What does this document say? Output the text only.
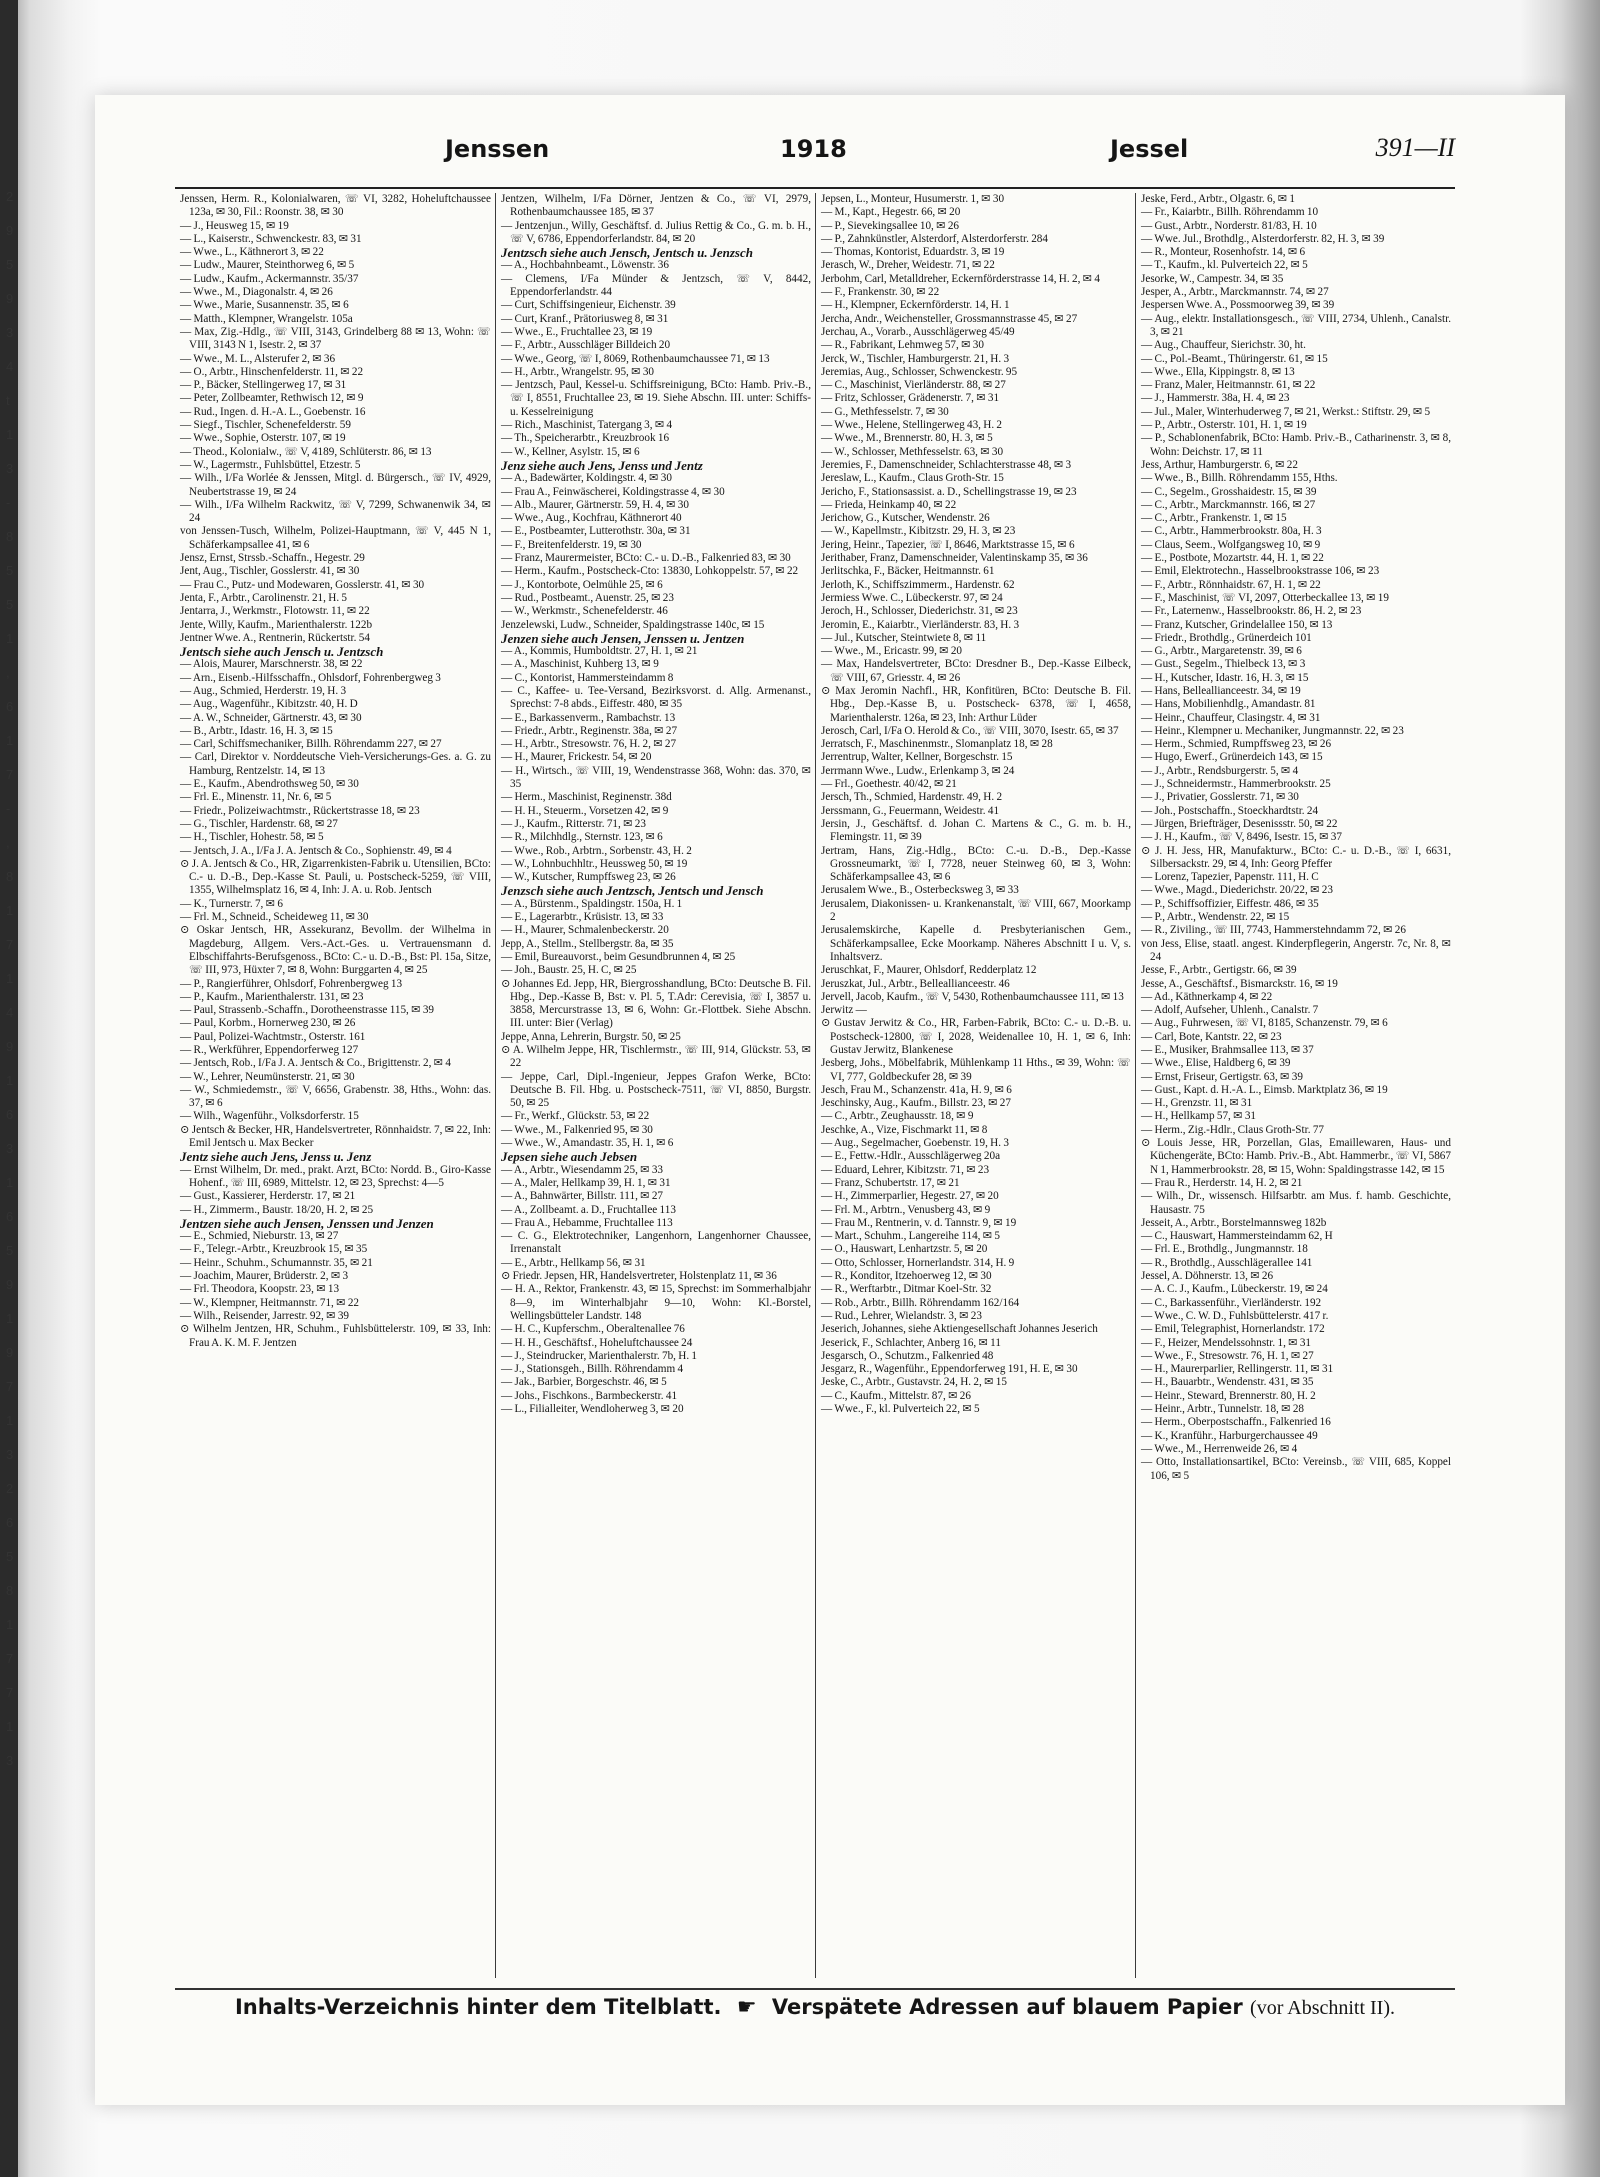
2
9
5
9
3
4
t
1
3
-
8
5
5
1
,
6
1
7
-
,
8
1
7
1
4
9
1
6
3
1
6
5
9
1
9
7
1
3
2
6
5
8
1
7
7
1
3
Jenssen	1918	Jessel	391—II

Jenssen, Herm. R., Kolonialwaren, ☏ VI, 3282, Hoheluftchaussee 123a, ✉ 30, Fil.: Roonstr. 38, ✉ 30

— J., Heusweg 15, ✉ 19

— L., Kaiserstr., Schwenckestr. 83, ✉ 31

— Wwe., L., Käthnerort 3, ✉ 22

— Ludw., Maurer, Steinthorweg 6, ✉ 5

— Ludw., Kaufm., Ackermannstr. 35/37

— Wwe., M., Diagonalstr. 4, ✉ 26

— Wwe., Marie, Susannenstr. 35, ✉ 6

— Matth., Klempner, Wrangelstr. 105a

— Max, Zig.-Hdlg., ☏ VIII, 3143, Grindelberg 88 ✉ 13, Wohn: ☏ VIII, 3143 N 1, Isestr. 2, ✉ 37

— Wwe., M. L., Alsterufer 2, ✉ 36

— O., Arbtr., Hinschenfelderstr. 11, ✉ 22

— P., Bäcker, Stellingerweg 17, ✉ 31

— Peter, Zollbeamter, Rethwisch 12, ✉ 9

— Rud., Ingen. d. H.-A. L., Goebenstr. 16

— Siegf., Tischler, Schenefelderstr. 59

— Wwe., Sophie, Osterstr. 107, ✉ 19

— Theod., Kolonialw., ☏ V, 4189, Schlüterstr. 86, ✉ 13

— W., Lagermstr., Fuhlsbüttel, Etzestr. 5

— Wilh., I/Fa Worlée & Jenssen, Mitgl. d. Bürgersch., ☏ IV, 4929, Neubertstrasse 19, ✉ 24

— Wilh., I/Fa Wilhelm Rackwitz, ☏ V, 7299, Schwanenwik 34, ✉ 24

von Jenssen-Tusch, Wilhelm, Polizei-Hauptmann, ☏ V, 445 N 1, Schäferkampsallee 41, ✉ 6

Jensz, Ernst, Strssb.-Schaffn., Hegestr. 29

Jent, Aug., Tischler, Gosslerstr. 41, ✉ 30

— Frau C., Putz- und Modewaren, Gosslerstr. 41, ✉ 30

Jenta, F., Arbtr., Carolinenstr. 21, H. 5

Jentarra, J., Werkmstr., Flotowstr. 11, ✉ 22

Jente, Willy, Kaufm., Marienthalerstr. 122b

Jentner Wwe. A., Rentnerin, Rückertstr. 54

Jentsch siehe auch Jensch u. Jentzsch

— Alois, Maurer, Marschnerstr. 38, ✉ 22

— Arn., Eisenb.-Hilfsschaffn., Ohlsdorf, Fohrenbergweg 3

— Aug., Schmied, Herderstr. 19, H. 3

— Aug., Wagenführ., Kibitzstr. 40, H. D

— A. W., Schneider, Gärtnerstr. 43, ✉ 30

— B., Arbtr., Idastr. 16, H. 3, ✉ 15

— Carl, Schiffsmechaniker, Billh. Röhrendamm 227, ✉ 27

— Carl, Direktor v. Norddeutsche Vieh-Versicherungs-Ges. a. G. zu Hamburg, Rentzelstr. 14, ✉ 13

— E., Kaufm., Abendrothsweg 50, ✉ 30

— Frl. E., Minenstr. 11, Nr. 6, ✉ 5

— Friedr., Polizeiwachtmstr., Rückertstrasse 18, ✉ 23

— G., Tischler, Hardenstr. 68, ✉ 27

— H., Tischler, Hohestr. 58, ✉ 5

— Jentsch, J. A., I/Fa J. A. Jentsch & Co., Sophienstr. 49, ✉ 4

⊙ J. A. Jentsch & Co., HR, Zigarrenkisten-Fabrik u. Utensilien, BCto: C.- u. D.-B., Dep.-Kasse St. Pauli, u. Postscheck-5259, ☏ VIII, 1355, Wilhelmsplatz 16, ✉ 4, Inh: J. A. u. Rob. Jentsch

— K., Turnerstr. 7, ✉ 6

— Frl. M., Schneid., Scheideweg 11, ✉ 30

⊙ Oskar Jentsch, HR, Assekuranz, Bevollm. der Wilhelma in Magdeburg, Allgem. Vers.-Act.-Ges. u. Vertrauensmann d. Elbschiffahrts-Berufsgenoss., BCto: C.- u. D.-B., Bst: Pl. 15a, Sitze, ☏ III, 973, Hüxter 7, ✉ 8, Wohn: Burggarten 4, ✉ 25

— P., Rangierführer, Ohlsdorf, Fohrenbergweg 13

— P., Kaufm., Marienthalerstr. 131, ✉ 23

— Paul, Strassenb.-Schaffn., Dorotheenstrasse 115, ✉ 39

— Paul, Korbm., Hornerweg 230, ✉ 26

— Paul, Polizei-Wachtmstr., Osterstr. 161

— R., Werkführer, Eppendorferweg 127

— Jentsch, Rob., I/Fa J. A. Jentsch & Co., Brigittenstr. 2, ✉ 4

— W., Lehrer, Neumünsterstr. 21, ✉ 30

— W., Schmiedemstr., ☏ V, 6656, Grabenstr. 38, Hths., Wohn: das. 37, ✉ 6

— Wilh., Wagenführ., Volksdorferstr. 15

⊙ Jentsch & Becker, HR, Handelsvertreter, Rönnhaidstr. 7, ✉ 22, Inh: Emil Jentsch u. Max Becker

Jentz siehe auch Jens, Jenss u. Jenz

— Ernst Wilhelm, Dr. med., prakt. Arzt, BCto: Nordd. B., Giro-Kasse Hohenf., ☏ III, 6989, Mittelstr. 12, ✉ 23, Sprechst: 4—5

— Gust., Kassierer, Herderstr. 17, ✉ 21

— H., Zimmerm., Baustr. 18/20, H. 2, ✉ 25

Jentzen siehe auch Jensen, Jenssen und Jenzen

— E., Schmied, Nieburstr. 13, ✉ 27

— F., Telegr.-Arbtr., Kreuzbrook 15, ✉ 35

— Heinr., Schuhm., Schumannstr. 35, ✉ 21

— Joachim, Maurer, Brüderstr. 2, ✉ 3

— Frl. Theodora, Koopstr. 23, ✉ 13

— W., Klempner, Heitmannstr. 71, ✉ 22

— Wilh., Reisender, Jarrestr. 92, ✉ 39

⊙ Wilhelm Jentzen, HR, Schuhm., Fuhlsbüttelerstr. 109, ✉ 33, Inh: Frau A. K. M. F. Jentzen

Jentzen, Wilhelm, I/Fa Dörner, Jentzen & Co., ☏ VI, 2979, Rothenbaumchaussee 185, ✉ 37

— Jentzenjun., Willy, Geschäftsf. d. Julius Rettig & Co., G. m. b. H., ☏ V, 6786, Eppendorferlandstr. 84, ✉ 20

Jentzsch siehe auch Jensch, Jentsch u. Jenzsch

— A., Hochbahnbeamt., Löwenstr. 36

— Clemens, I/Fa Münder & Jentzsch, ☏ V, 8442, Eppendorferlandstr. 44

— Curt, Schiffsingenieur, Eichenstr. 39

— Curt, Kranf., Prätoriusweg 8, ✉ 31

— Wwe., E., Fruchtallee 23, ✉ 19

— F., Arbtr., Ausschläger Billdeich 20

— Wwe., Georg, ☏ I, 8069, Rothenbaumchaussee 71, ✉ 13

— H., Arbtr., Wrangelstr. 95, ✉ 30

— Jentzsch, Paul, Kessel-u. Schiffsreinigung, BCto: Hamb. Priv.-B., ☏ I, 8551, Fruchtallee 23, ✉ 19. Siehe Abschn. III. unter: Schiffs- u. Kesselreinigung

— Rich., Maschinist, Tatergang 3, ✉ 4

— Th., Speicherarbtr., Kreuzbrook 16

— W., Kellner, Asylstr. 15, ✉ 6

Jenz siehe auch Jens, Jenss und Jentz

— A., Badewärter, Koldingstr. 4, ✉ 30

— Frau A., Feinwäscherei, Koldingstrasse 4, ✉ 30

— Alb., Maurer, Gärtnerstr. 59, H. 4, ✉ 30

— Wwe., Aug., Kochfrau, Käthnerort 40

— E., Postbeamter, Lutterothstr. 30a, ✉ 31

— F., Breitenfelderstr. 19, ✉ 30

— Franz, Maurermeister, BCto: C.- u. D.-B., Falkenried 83, ✉ 30

— Herm., Kaufm., Postscheck-Cto: 13830, Lohkoppelstr. 57, ✉ 22

— J., Kontorbote, Oelmühle 25, ✉ 6

— Rud., Postbeamt., Auenstr. 25, ✉ 23

— W., Werkmstr., Schenefelderstr. 46

Jenzelewski, Ludw., Schneider, Spaldingstrasse 140c, ✉ 15

Jenzen siehe auch Jensen, Jenssen u. Jentzen

— A., Kommis, Humboldtstr. 27, H. 1, ✉ 21

— A., Maschinist, Kuhberg 13, ✉ 9

— C., Kontorist, Hammersteindamm 8

— C., Kaffee- u. Tee-Versand, Bezirksvorst. d. Allg. Armenanst., Sprechst: 7-8 abds., Eiffestr. 480, ✉ 35

— E., Barkassenverm., Rambachstr. 13

— Friedr., Arbtr., Reginenstr. 38a, ✉ 27

— H., Arbtr., Stresowstr. 76, H. 2, ✉ 27

— H., Maurer, Frickestr. 54, ✉ 20

— H., Wirtsch., ☏ VIII, 19, Wendenstrasse 368, Wohn: das. 370, ✉ 35

— Herm., Maschinist, Reginenstr. 38d

— H. H., Steuerm., Vorsetzen 42, ✉ 9

— J., Kaufm., Ritterstr. 71, ✉ 23

— R., Milchhdlg., Sternstr. 123, ✉ 6

— Wwe., Rob., Arbtrn., Sorbenstr. 43, H. 2

— W., Lohnbuchhltr., Heussweg 50, ✉ 19

— W., Kutscher, Rumpffsweg 23, ✉ 26

Jenzsch siehe auch Jentzsch, Jentsch und Jensch

— A., Bürstenm., Spaldingstr. 150a, H. 1

— E., Lagerarbtr., Krüsistr. 13, ✉ 33

— H., Maurer, Schmalenbeckerstr. 20

Jepp, A., Stellm., Stellbergstr. 8a, ✉ 35

— Emil, Bureauvorst., beim Gesundbrunnen 4, ✉ 25

— Joh., Baustr. 25, H. C, ✉ 25

⊙ Johannes Ed. Jepp, HR, Biergrosshandlung, BCto: Deutsche B. Fil. Hbg., Dep.-Kasse B, Bst: v. Pl. 5, T.Adr: Cerevisia, ☏ I, 3857 u. 3858, Mercurstrasse 13, ✉ 6, Wohn: Gr.-Flottbek. Siehe Abschn. III. unter: Bier (Verlag)

Jeppe, Anna, Lehrerin, Burgstr. 50, ✉ 25

⊙ A. Wilhelm Jeppe, HR, Tischlermstr., ☏ III, 914, Glückstr. 53, ✉ 22

— Jeppe, Carl, Dipl.-Ingenieur, Jeppes Grafon Werke, BCto: Deutsche B. Fil. Hbg. u. Postscheck-7511, ☏ VI, 8850, Burgstr. 50, ✉ 25

— Fr., Werkf., Glückstr. 53, ✉ 22

— Wwe., M., Falkenried 95, ✉ 30

— Wwe., W., Amandastr. 35, H. 1, ✉ 6

Jepsen siehe auch Jebsen

— A., Arbtr., Wiesendamm 25, ✉ 33

— A., Maler, Hellkamp 39, H. 1, ✉ 31

— A., Bahnwärter, Billstr. 111, ✉ 27

— A., Zollbeamt. a. D., Fruchtallee 113

— Frau A., Hebamme, Fruchtallee 113

— C. G., Elektrotechniker, Langenhorn, Langenhorner Chaussee, Irrenanstalt

— E., Arbtr., Hellkamp 56, ✉ 31

⊙ Friedr. Jepsen, HR, Handelsvertreter, Holstenplatz 11, ✉ 36

— H. A., Rektor, Frankenstr. 43, ✉ 15, Sprechst: im Sommerhalbjahr 8—9, im Winterhalbjahr 9—10, Wohn: Kl.-Borstel, Wellingsbütteler Landstr. 148

— H. C., Kupferschm., Oberaltenallee 76

— H. H., Geschäftsf., Hoheluftchaussee 24

— J., Steindrucker, Marienthalerstr. 7b, H. 1

— J., Stationsgeh., Billh. Röhrendamm 4

— Jak., Barbier, Borgeschstr. 46, ✉ 5

— Johs., Fischkons., Barmbeckerstr. 41

— L., Filialleiter, Wendloherweg 3, ✉ 20

Jepsen, L., Monteur, Husumerstr. 1, ✉ 30

— M., Kapt., Hegestr. 66, ✉ 20

— P., Sievekingsallee 10, ✉ 26

— P., Zahnkünstler, Alsterdorf, Alsterdorferstr. 284

— Thomas, Kontorist, Eduardstr. 3, ✉ 19

Jerasch, W., Dreher, Weidestr. 71, ✉ 22

Jerbohm, Carl, Metalldreher, Eckernförderstrasse 14, H. 2, ✉ 4

— F., Frankenstr. 30, ✉ 22

— H., Klempner, Eckernförderstr. 14, H. 1

Jercha, Andr., Weichensteller, Grossmannstrasse 45, ✉ 27

Jerchau, A., Vorarb., Ausschlägerweg 45/49

— R., Fabrikant, Lehmweg 57, ✉ 30

Jerck, W., Tischler, Hamburgerstr. 21, H. 3

Jeremias, Aug., Schlosser, Schwenckestr. 95

— C., Maschinist, Vierländerstr. 88, ✉ 27

— Fritz, Schlosser, Grädenerstr. 7, ✉ 31

— G., Methfesselstr. 7, ✉ 30

— Wwe., Helene, Stellingerweg 43, H. 2

— Wwe., M., Brennerstr. 80, H. 3, ✉ 5

— W., Schlosser, Methfesselstr. 63, ✉ 30

Jeremies, F., Damenschneider, Schlachterstrasse 48, ✉ 3

Jereslaw, L., Kaufm., Claus Groth-Str. 15

Jericho, F., Stationsassist. a. D., Schellingstrasse 19, ✉ 23

— Frieda, Heinkamp 40, ✉ 22

Jerichow, G., Kutscher, Wendenstr. 26

— W., Kapellmstr., Kibitzstr. 29, H. 3, ✉ 23

Jering, Heinr., Tapezier, ☏ I, 8646, Marktstrasse 15, ✉ 6

Jerithaber, Franz, Damenschneider, Valentinskamp 35, ✉ 36

Jerlitschka, F., Bäcker, Heitmannstr. 61

Jerloth, K., Schiffszimmerm., Hardenstr. 62

Jermiess Wwe. C., Lübeckerstr. 97, ✉ 24

Jeroch, H., Schlosser, Diederichstr. 31, ✉ 23

Jeromin, E., Kaiarbtr., Vierländerstr. 83, H. 3

— Jul., Kutscher, Steintwiete 8, ✉ 11

— Wwe., M., Ericastr. 99, ✉ 20

— Max, Handelsvertreter, BCto: Dresdner B., Dep.-Kasse Eilbeck, ☏ VIII, 67, Griesstr. 4, ✉ 26

⊙ Max Jeromin Nachfl., HR, Konfitüren, BCto: Deutsche B. Fil. Hbg., Dep.-Kasse B, u. Postscheck- 6378, ☏ I, 4658, Marienthalerstr. 126a, ✉ 23, Inh: Arthur Lüder

Jerosch, Carl, I/Fa O. Herold & Co., ☏ VIII, 3070, Isestr. 65, ✉ 37

Jerratsch, F., Maschinenmstr., Slomanplatz 18, ✉ 28

Jerrentrup, Walter, Kellner, Borgeschstr. 15

Jerrmann Wwe., Ludw., Erlenkamp 3, ✉ 24

— Frl., Goethestr. 40/42, ✉ 21

Jersch, Th., Schmied, Hardenstr. 49, H. 2

Jerssmann, G., Feuermann, Weidestr. 41

Jersin, J., Geschäftsf. d. Johan C. Martens & C., G. m. b. H., Flemingstr. 11, ✉ 39

Jertram, Hans, Zig.-Hdlg., BCto: C.-u. D.-B., Dep.-Kasse Grossneumarkt, ☏ I, 7728, neuer Steinweg 60, ✉ 3, Wohn: Schäferkampsallee 43, ✉ 6

Jerusalem Wwe., B., Osterbecksweg 3, ✉ 33

Jerusalem, Diakonissen- u. Krankenanstalt, ☏ VIII, 667, Moorkamp 2

Jerusalemskirche, Kapelle d. Presbyterianischen Gem., Schäferkampsallee, Ecke Moorkamp. Näheres Abschnitt I u. V, s. Inhaltsverz.

Jeruschkat, F., Maurer, Ohlsdorf, Redderplatz 12

Jeruszkat, Jul., Arbtr., Belleallianceestr. 46

Jervell, Jacob, Kaufm., ☏ V, 5430, Rothenbaumchaussee 111, ✉ 13

Jerwitz —

⊙ Gustav Jerwitz & Co., HR, Farben-Fabrik, BCto: C.- u. D.-B. u. Postscheck-12800, ☏ I, 2028, Weidenallee 10, H. 1, ✉ 6, Inh: Gustav Jerwitz, Blankenese

Jesberg, Johs., Möbelfabrik, Mühlenkamp 11 Hths., ✉ 39, Wohn: ☏ VI, 777, Goldbeckufer 28, ✉ 39

Jesch, Frau M., Schanzenstr. 41a, H. 9, ✉ 6

Jeschinsky, Aug., Kaufm., Billstr. 23, ✉ 27

— C., Arbtr., Zeughausstr. 18, ✉ 9

Jeschke, A., Vize, Fischmarkt 11, ✉ 8

— Aug., Segelmacher, Goebenstr. 19, H. 3

— E., Fettw.-Hdlr., Ausschlägerweg 20a

— Eduard, Lehrer, Kibitzstr. 71, ✉ 23

— Franz, Schubertstr. 17, ✉ 21

— H., Zimmerparlier, Hegestr. 27, ✉ 20

— Frl. M., Arbtrn., Venusberg 43, ✉ 9

— Frau M., Rentnerin, v. d. Tannstr. 9, ✉ 19

— Mart., Schuhm., Langereihe 114, ✉ 5

— O., Hauswart, Lenhartzstr. 5, ✉ 20

— Otto, Schlosser, Hornerlandstr. 314, H. 9

— R., Konditor, Itzehoerweg 12, ✉ 30

— R., Werftarbtr., Ditmar Koel-Str. 32

— Rob., Arbtr., Billh. Röhrendamm 162/164

— Rud., Lehrer, Wielandstr. 3, ✉ 23

Jeserich, Johannes, siehe Aktiengesellschaft Johannes Jeserich

Jeserick, F., Schlachter, Anberg 16, ✉ 11

Jesgarsch, O., Schutzm., Falkenried 48

Jesgarz, R., Wagenführ., Eppendorferweg 191, H. E, ✉ 30

Jeske, C., Arbtr., Gustavstr. 24, H. 2, ✉ 15

— C., Kaufm., Mittelstr. 87, ✉ 26

— Wwe., F., kl. Pulverteich 22, ✉ 5

Jeske, Ferd., Arbtr., Olgastr. 6, ✉ 1

— Fr., Kaiarbtr., Billh. Röhrendamm 10

— Gust., Arbtr., Norderstr. 81/83, H. 10

— Wwe. Jul., Brothdlg., Alsterdorferstr. 82, H. 3, ✉ 39

— R., Monteur, Rosenhofstr. 14, ✉ 6

— T., Kaufm., kl. Pulverteich 22, ✉ 5

Jesorke, W., Campestr. 34, ✉ 35

Jesper, A., Arbtr., Marckmannstr. 74, ✉ 27

Jespersen Wwe. A., Possmoorweg 39, ✉ 39

— Aug., elektr. Installationsgesch., ☏ VIII, 2734, Uhlenh., Canalstr. 3, ✉ 21

— Aug., Chauffeur, Sierichstr. 30, ht.

— C., Pol.-Beamt., Thüringerstr. 61, ✉ 15

— Wwe., Ella, Kippingstr. 8, ✉ 13

— Franz, Maler, Heitmannstr. 61, ✉ 22

— J., Hammerstr. 38a, H. 4, ✉ 23

— Jul., Maler, Winterhuderweg 7, ✉ 21, Werkst.: Stiftstr. 29, ✉ 5

— P., Arbtr., Osterstr. 101, H. 1, ✉ 19

— P., Schablonenfabrik, BCto: Hamb. Priv.-B., Catharinenstr. 3, ✉ 8, Wohn: Deichstr. 17, ✉ 11

Jess, Arthur, Hamburgerstr. 6, ✉ 22

— Wwe., B., Billh. Röhrendamm 155, Hths.

— C., Segelm., Grosshaidestr. 15, ✉ 39

— C., Arbtr., Marckmannstr. 166, ✉ 27

— C., Arbtr., Frankenstr. 1, ✉ 15

— C., Arbtr., Hammerbrookstr. 80a, H. 3

— Claus, Seem., Wolfgangsweg 10, ✉ 9

— E., Postbote, Mozartstr. 44, H. 1, ✉ 22

— Emil, Elektrotechn., Hasselbrookstrasse 106, ✉ 23

— F., Arbtr., Rönnhaidstr. 67, H. 1, ✉ 22

— F., Maschinist, ☏ VI, 2097, Otterbeckallee 13, ✉ 19

— Fr., Laternenw., Hasselbrookstr. 86, H. 2, ✉ 23

— Franz, Kutscher, Grindelallee 150, ✉ 13

— Friedr., Brothdlg., Grünerdeich 101

— G., Arbtr., Margaretenstr. 39, ✉ 6

— Gust., Segelm., Thielbeck 13, ✉ 3

— H., Kutscher, Idastr. 16, H. 3, ✉ 15

— Hans, Belleallianceestr. 34, ✉ 19

— Hans, Mobilienhdlg., Amandastr. 81

— Heinr., Chauffeur, Clasingstr. 4, ✉ 31

— Heinr., Klempner u. Mechaniker, Jungmannstr. 22, ✉ 23

— Herm., Schmied, Rumpffsweg 23, ✉ 26

— Hugo, Ewerf., Grünerdeich 143, ✉ 15

— J., Arbtr., Rendsburgerstr. 5, ✉ 4

— J., Schneidermstr., Hammerbrookstr. 25

— J., Privatier, Gosslerstr. 71, ✉ 30

— Joh., Postschaffn., Stoeckhardtstr. 24

— Jürgen, Briefträger, Desenissstr. 50, ✉ 22

— J. H., Kaufm., ☏ V, 8496, Isestr. 15, ✉ 37

⊙ J. H. Jess, HR, Manufakturw., BCto: C.- u. D.-B., ☏ I, 6631, Silbersackstr. 29, ✉ 4, Inh: Georg Pfeffer

— Lorenz, Tapezier, Papenstr. 111, H. C

— Wwe., Magd., Diederichstr. 20/22, ✉ 23

— P., Schiffsoffizier, Eiffestr. 486, ✉ 35

— P., Arbtr., Wendenstr. 22, ✉ 15

— R., Ziviling., ☏ III, 7743, Hammerstehndamm 72, ✉ 26

von Jess, Elise, staatl. angest. Kinderpflegerin, Angerstr. 7c, Nr. 8, ✉ 24

Jesse, F., Arbtr., Gertigstr. 66, ✉ 39

Jesse, A., Geschäftsf., Bismarckstr. 16, ✉ 19

— Ad., Käthnerkamp 4, ✉ 22

— Adolf, Aufseher, Uhlenh., Canalstr. 7

— Aug., Fuhrwesen, ☏ VI, 8185, Schanzenstr. 79, ✉ 6

— Carl, Bote, Kantstr. 22, ✉ 23

— E., Musiker, Brahmsallee 113, ✉ 37

— Wwe., Elise, Haldberg 6, ✉ 39

— Ernst, Friseur, Gertigstr. 63, ✉ 39

— Gust., Kapt. d. H.-A. L., Eimsb. Marktplatz 36, ✉ 19

— H., Grenzstr. 11, ✉ 31

— H., Hellkamp 57, ✉ 31

— Herm., Zig.-Hdlr., Claus Groth-Str. 77

⊙ Louis Jesse, HR, Porzellan, Glas, Emaillewaren, Haus- und Küchengeräte, BCto: Hamb. Priv.-B., Abt. Hammerbr., ☏ VI, 5867 N 1, Hammerbrookstr. 28, ✉ 15, Wohn: Spaldingstrasse 142, ✉ 15

— Frau R., Herderstr. 14, H. 2, ✉ 21

— Wilh., Dr., wissensch. Hilfsarbtr. am Mus. f. hamb. Geschichte, Hausastr. 75

Jesseit, A., Arbtr., Borstelmannsweg 182b

— C., Hauswart, Hammersteindamm 62, H

— Frl. E., Brothdlg., Jungmannstr. 18

— R., Brothdlg., Ausschlägerallee 141

Jessel, A. Döhnerstr. 13, ✉ 26

— A. C. J., Kaufm., Lübeckerstr. 19, ✉ 24

— C., Barkassenführ., Vierländerstr. 192

— Wwe., C. W. D., Fuhlsbüttelerstr. 417 r.

— Emil, Telegraphist, Hornerlandstr. 172

— F., Heizer, Mendelssohnstr. 1, ✉ 31

— Wwe., F., Stresowstr. 76, H. 1, ✉ 27

— H., Maurerparlier, Rellingerstr. 11, ✉ 31

— H., Bauarbtr., Wendenstr. 431, ✉ 35

— Heinr., Steward, Brennerstr. 80, H. 2

— Heinr., Arbtr., Tunnelstr. 18, ✉ 28

— Herm., Oberpostschaffn., Falkenried 16

— K., Kranführ., Harburgerchaussee 49

— Wwe., M., Herrenweide 26, ✉ 4

— Otto, Installationsartikel, BCto: Vereinsb., ☏ VIII, 685, Koppel 106, ✉ 5

Inhalts-Verzeichnis hinter dem Titelblatt. ☛ Verspätete Adressen auf blauem Papier (vor Abschnitt II).
